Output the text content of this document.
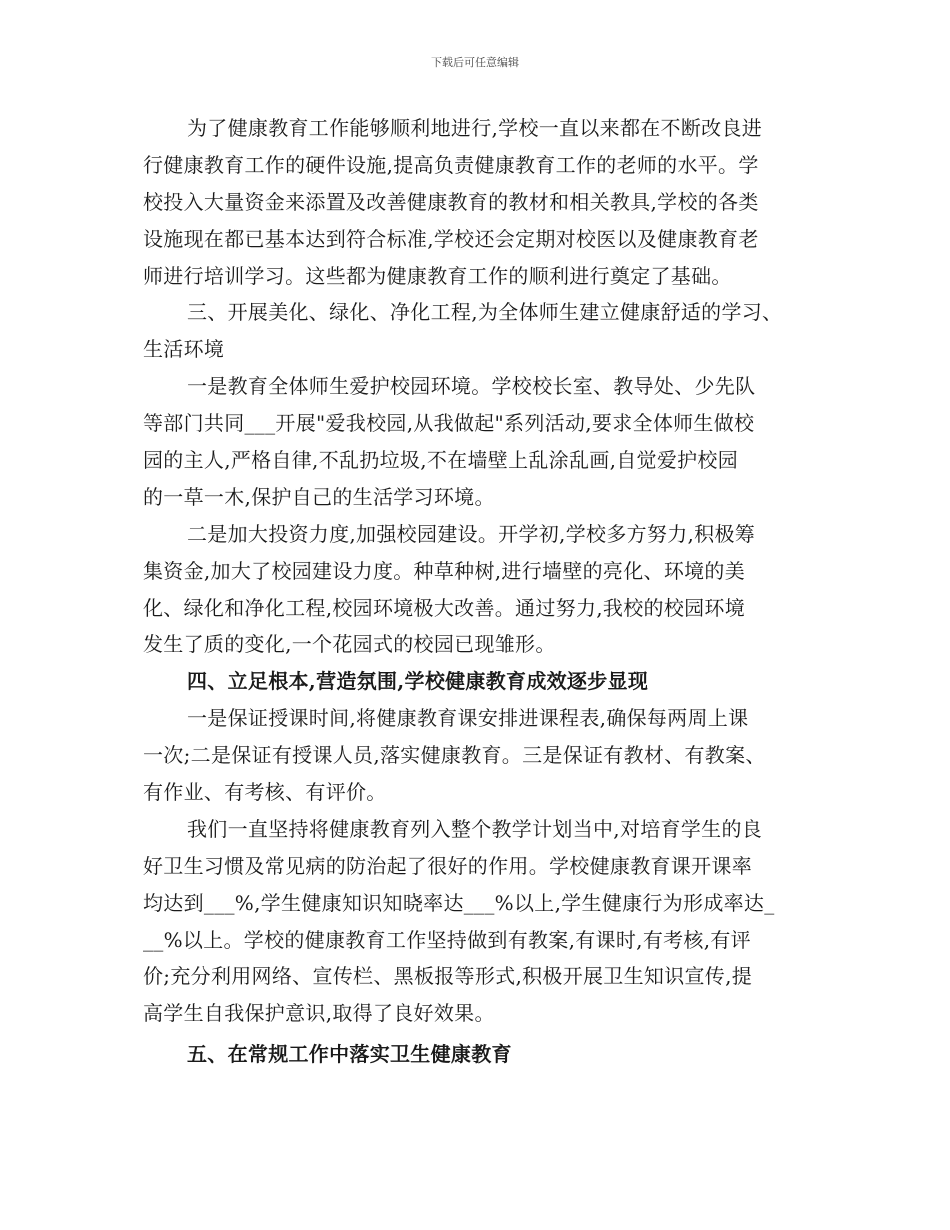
下载后可任意编辑
为了健康教育工作能够顺利地进行,学校一直以来都在不断改良进
行健康教育工作的硬件设施,提高负责健康教育工作的老师的水平。学
校投入大量资金来添置及改善健康教育的教材和相关教具,学校的各类
设施现在都已基本达到符合标准,学校还会定期对校医以及健康教育老
师进行培训学习。这些都为健康教育工作的顺利进行奠定了基础。
三、开展美化、绿化、净化工程,为全体师生建立健康舒适的学习、
生活环境
一是教育全体师生爱护校园环境。学校校长室、教导处、少先队
等部门共同___开展"爱我校园,从我做起"系列活动,要求全体师生做校
园的主人,严格自律,不乱扔垃圾,不在墙壁上乱涂乱画,自觉爱护校园
的一草一木,保护自己的生活学习环境。
二是加大投资力度,加强校园建设。开学初,学校多方努力,积极筹
集资金,加大了校园建设力度。种草种树,进行墙壁的亮化、环境的美
化、绿化和净化工程,校园环境极大改善。通过努力,我校的校园环境
发生了质的变化,一个花园式的校园已现雏形。
四、立足根本,营造氛围,学校健康教育成效逐步显现
一是保证授课时间,将健康教育课安排进课程表,确保每两周上课
一次;二是保证有授课人员,落实健康教育。三是保证有教材、有教案、
有作业、有考核、有评价。
我们一直坚持将健康教育列入整个教学计划当中,对培育学生的良
好卫生习惯及常见病的防治起了很好的作用。学校健康教育课开课率
均达到___%,学生健康知识知晓率达___%以上,学生健康行为形成率达_
__%以上。学校的健康教育工作坚持做到有教案,有课时,有考核,有评
价;充分利用网络、宣传栏、黑板报等形式,积极开展卫生知识宣传,提
高学生自我保护意识,取得了良好效果。
五、在常规工作中落实卫生健康教育
